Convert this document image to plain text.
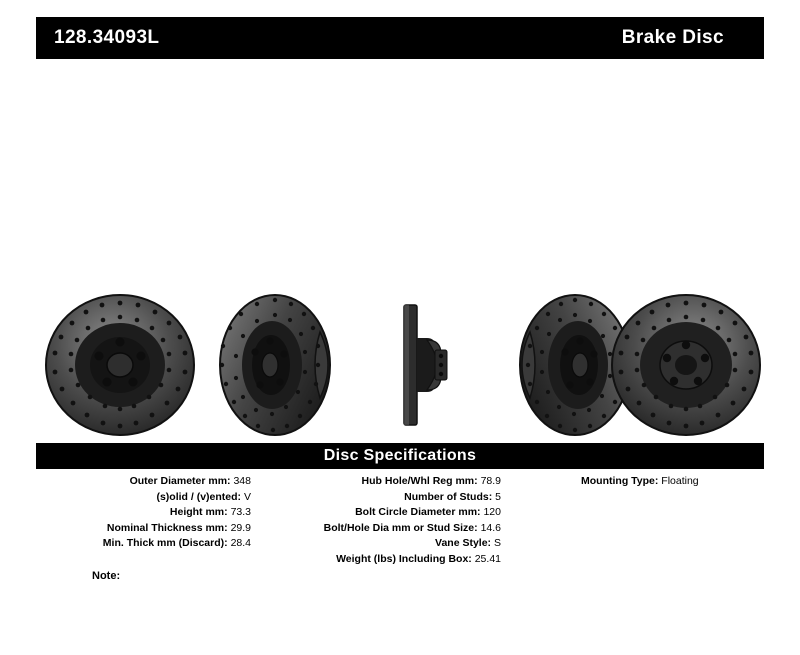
128.34093L	Brake Disc
Disc Specifications
Outer Diameter mm: 348
(s)olid / (v)ented: V
Height mm: 73.3
Nominal Thickness mm: 29.9
Min. Thick mm (Discard): 28.4
Hub Hole/Whl Reg mm: 78.9
Number of Studs: 5
Bolt Circle Diameter mm: 120
Bolt/Hole Dia mm or Stud Size: 14.6
Vane Style: S
Weight (lbs) Including Box: 25.41
Mounting Type: Floating
Note:
